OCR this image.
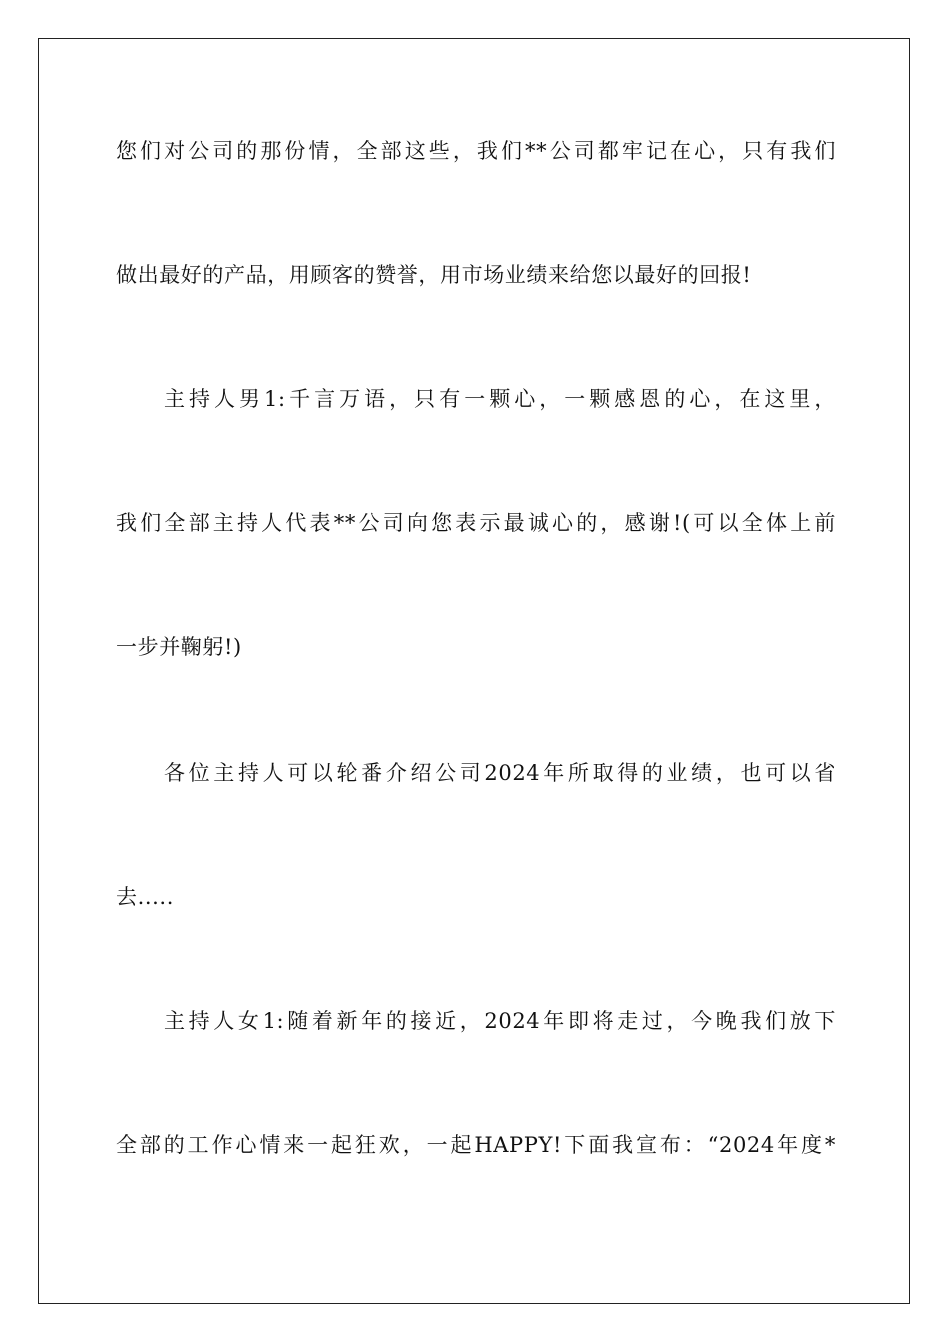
您们对公司的那份情，全部这些，我们**公司都牢记在心，只有我们
做出最好的产品，用顾客的赞誉，用市场业绩来给您以最好的回报!
主持人男1:千言万语，只有一颗心，一颗感恩的心，在这里，
我们全部主持人代表**公司向您表示最诚心的，感谢!(可以全体上前
一步并鞠躬!)
各位主持人可以轮番介绍公司2024年所取得的业绩，也可以省
去.....
主持人女1:随着新年的接近，2024年即将走过，今晚我们放下
全部的工作心情来一起狂欢，一起HAPPY!下面我宣布：“2024年度*
